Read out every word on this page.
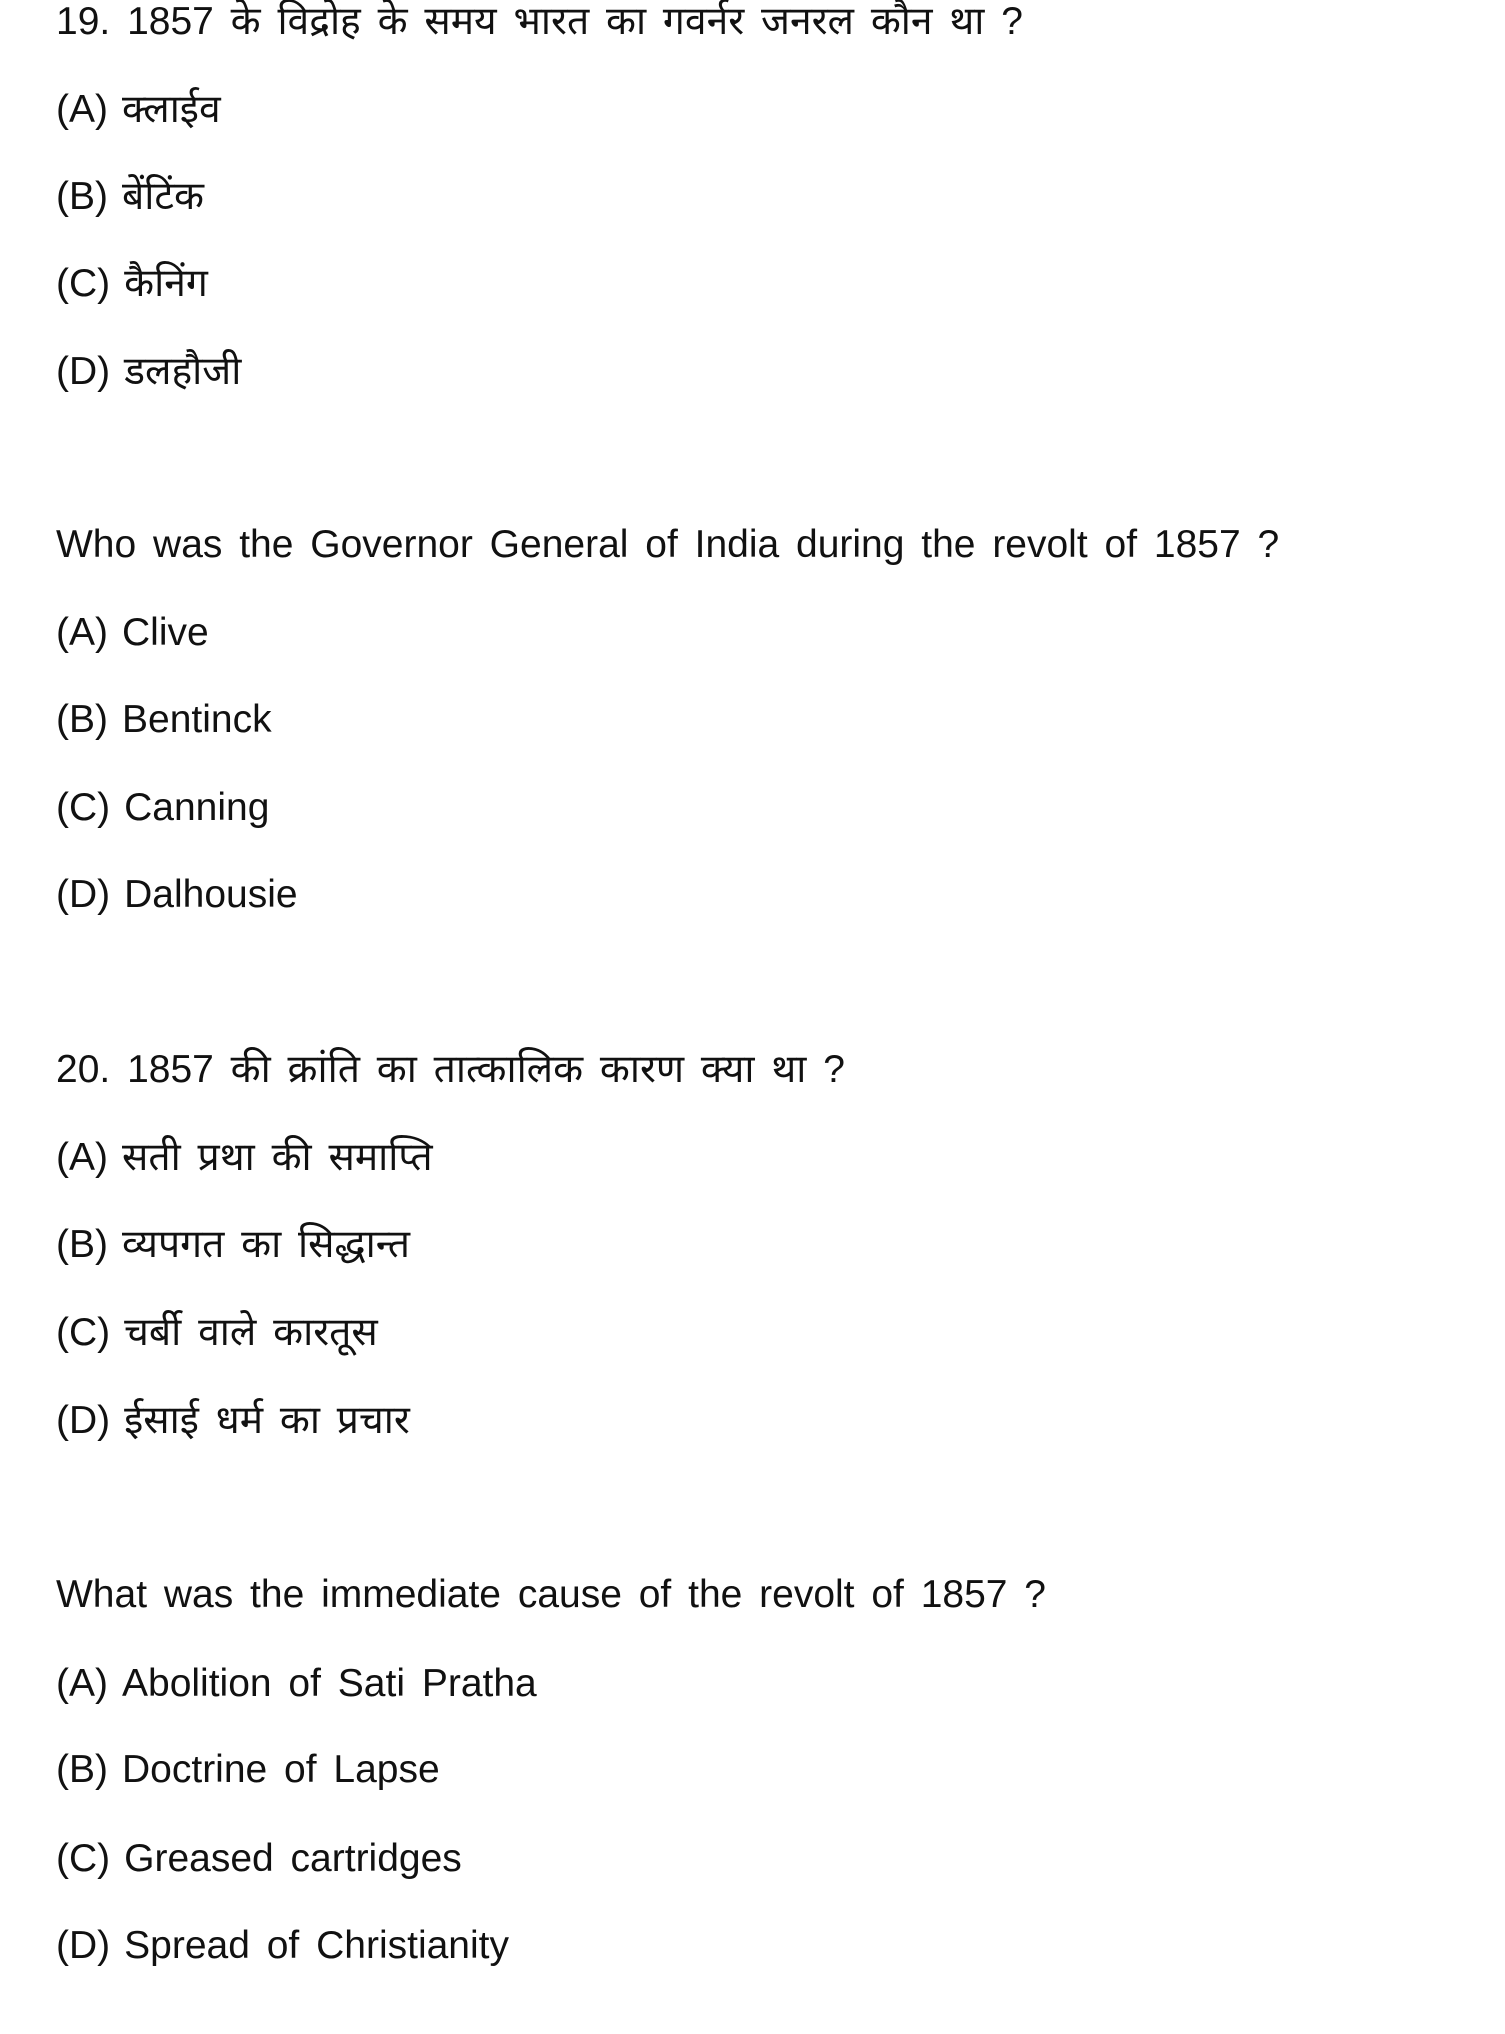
19. 1857 के विद्रोह के समय भारत का गवर्नर जनरल कौन था ?
(A) क्लाईव
(B) बेंटिंक
(C) कैनिंग
(D) डलहौजी
Who was the Governor General of India during the revolt of 1857 ?
(A) Clive
(B) Bentinck
(C) Canning
(D) Dalhousie
20. 1857 की क्रांति का तात्कालिक कारण क्या था ?
(A) सती प्रथा की समाप्ति
(B) व्यपगत का सिद्धान्त
(C) चर्बी वाले कारतूस
(D) ईसाई धर्म का प्रचार
What was the immediate cause of the revolt of 1857 ?
(A) Abolition of Sati Pratha
(B) Doctrine of Lapse
(C) Greased cartridges
(D) Spread of Christianity
